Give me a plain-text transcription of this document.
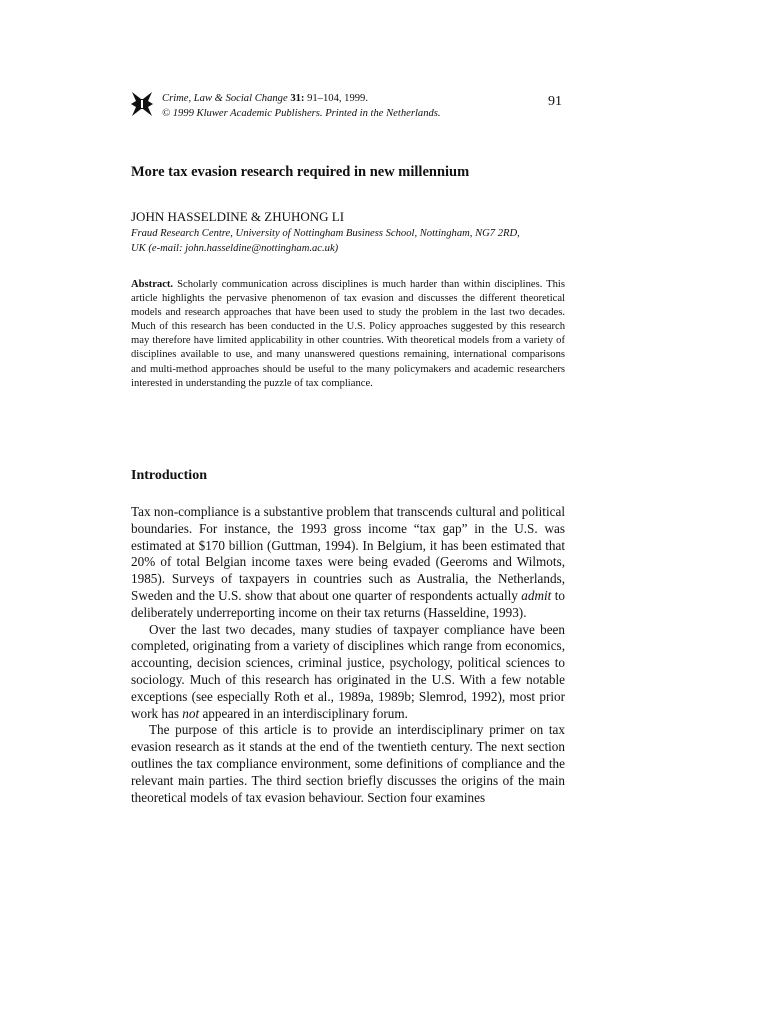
Crime, Law & Social Change 31: 91–104, 1999.
© 1999 Kluwer Academic Publishers. Printed in the Netherlands.
91
More tax evasion research required in new millennium
JOHN HASSELDINE & ZHUHONG LI
Fraud Research Centre, University of Nottingham Business School, Nottingham, NG7 2RD,
UK (e-mail: john.hasseldine@nottingham.ac.uk)
Abstract. Scholarly communication across disciplines is much harder than within disciplines. This article highlights the pervasive phenomenon of tax evasion and discusses the different theoretical models and research approaches that have been used to study the problem in the last two decades. Much of this research has been conducted in the U.S. Policy approaches suggested by this research may therefore have limited applicability in other countries. With theoretical models from a variety of disciplines available to use, and many unanswered questions remaining, international comparisons and multi-method approaches should be useful to the many policymakers and academic researchers interested in understanding the puzzle of tax compliance.
Introduction

Tax non-compliance is a substantive problem that transcends cultural and political boundaries. For instance, the 1993 gross income “tax gap” in the U.S. was estimated at $170 billion (Guttman, 1994). In Belgium, it has been estimated that 20% of total Belgian income taxes were being evaded (Geeroms and Wilmots, 1985). Surveys of taxpayers in countries such as Australia, the Netherlands, Sweden and the U.S. show that about one quarter of respondents actually admit to deliberately underreporting income on their tax returns (Hasseldine, 1993).

Over the last two decades, many studies of taxpayer compliance have been completed, originating from a variety of disciplines which range from economics, accounting, decision sciences, criminal justice, psychology, political sciences to sociology. Much of this research has originated in the U.S. With a few notable exceptions (see especially Roth et al., 1989a, 1989b; Slemrod, 1992), most prior work has not appeared in an interdisciplinary forum.

The purpose of this article is to provide an interdisciplinary primer on tax evasion research as it stands at the end of the twentieth century. The next section outlines the tax compliance environment, some definitions of compliance and the relevant main parties. The third section briefly discusses the origins of the main theoretical models of tax evasion behaviour. Section four examines
